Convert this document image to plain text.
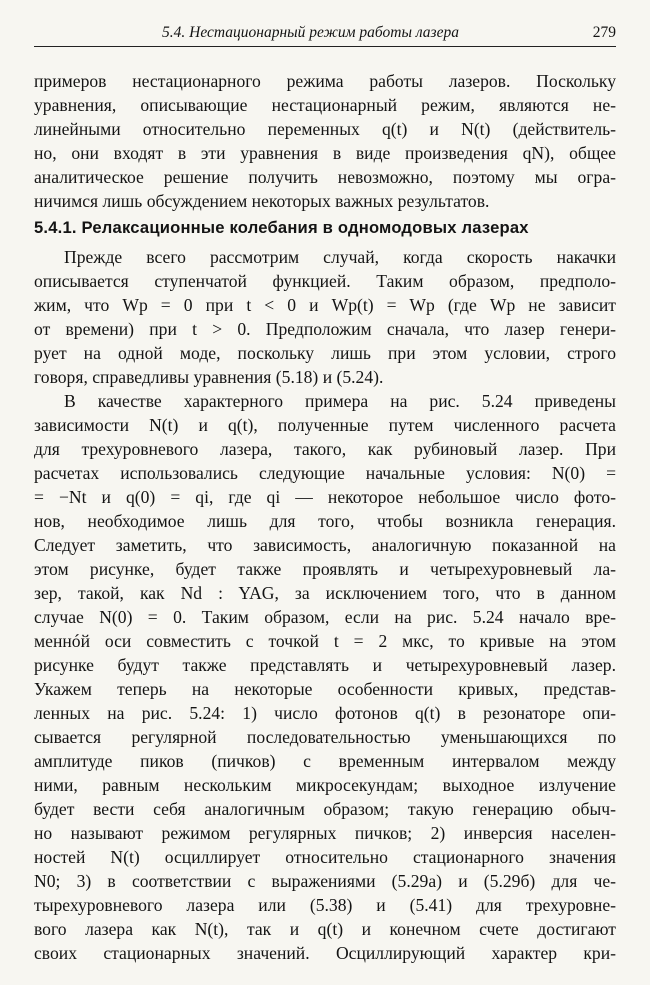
5.4. Нестационарный режим работы лазера	279
примеров нестационарного режима работы лазеров. Поскольку
уравнения, описывающие нестационарный режим, являются не-
линейными относительно переменных q(t) и N(t) (действитель-
но, они входят в эти уравнения в виде произведения qN), общее
аналитическое решение получить невозможно, поэтому мы огра-
ничимся лишь обсуждением некоторых важных результатов.
5.4.1. Релаксационные колебания в одномодовых лазерах
Прежде всего рассмотрим случай, когда скорость накачки
описывается ступенчатой функцией. Таким образом, предполо-
жим, что Wp = 0 при t < 0 и Wp(t) = Wp (где Wp не зависит
от времени) при t > 0. Предположим сначала, что лазер генери-
рует на одной моде, поскольку лишь при этом условии, строго
говоря, справедливы уравнения (5.18) и (5.24).
В качестве характерного примера на рис. 5.24 приведены
зависимости N(t) и q(t), полученные путем численного расчета
для трехуровневого лазера, такого, как рубиновый лазер. При
расчетах использовались следующие начальные условия: N(0) =
= −Nt и q(0) = qi, где qi — некоторое небольшое число фото-
нов, необходимое лишь для того, чтобы возникла генерация.
Следует заметить, что зависимость, аналогичную показанной на
этом рисунке, будет также проявлять и четырехуровневый ла-
зер, такой, как Nd : YAG, за исключением того, что в данном
случае N(0) = 0. Таким образом, если на рис. 5.24 начало вре-
меннóй оси совместить с точкой t = 2 мкс, то кривые на этом
рисунке будут также представлять и четырехуровневый лазер.
Укажем теперь на некоторые особенности кривых, представ-
ленных на рис. 5.24: 1) число фотонов q(t) в резонаторе опи-
сывается регулярной последовательностью уменьшающихся по
амплитуде пиков (пичков) с временным интервалом между
ними, равным нескольким микросекундам; выходное излучение
будет вести себя аналогичным образом; такую генерацию обыч-
но называют режимом регулярных пичков; 2) инверсия населен-
ностей N(t) осциллирует относительно стационарного значения
N0; 3) в соответствии с выражениями (5.29а) и (5.29б) для че-
тырехуровневого лазера или (5.38) и (5.41) для трехуровне-
вого лазера как N(t), так и q(t) и конечном счете достигают
своих стационарных значений. Осциллирующий характер кри-
